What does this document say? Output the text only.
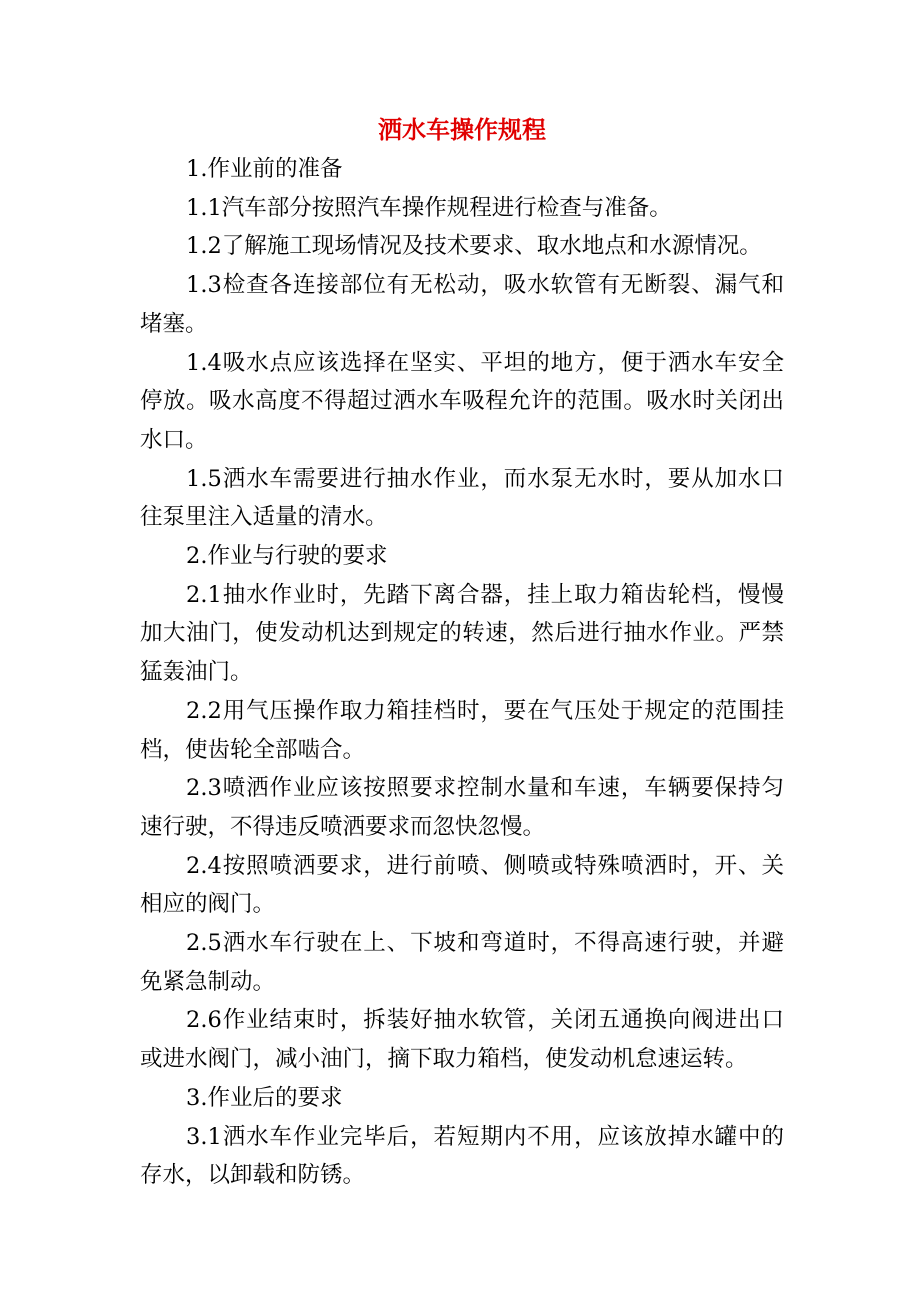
洒水车操作规程

1.作业前的准备

1.1汽车部分按照汽车操作规程进行检查与准备。

1.2了解施工现场情况及技术要求、取水地点和水源情况。

1.3检查各连接部位有无松动，吸水软管有无断裂、漏气和堵塞。

1.4吸水点应该选择在坚实、平坦的地方，便于洒水车安全停放。吸水高度不得超过洒水车吸程允许的范围。吸水时关闭出水口。

1.5洒水车需要进行抽水作业，而水泵无水时，要从加水口往泵里注入适量的清水。

2.作业与行驶的要求

2.1抽水作业时，先踏下离合器，挂上取力箱齿轮档，慢慢加大油门，使发动机达到规定的转速，然后进行抽水作业。严禁猛轰油门。

2.2用气压操作取力箱挂档时，要在气压处于规定的范围挂档，使齿轮全部啮合。

2.3喷洒作业应该按照要求控制水量和车速，车辆要保持匀速行驶，不得违反喷洒要求而忽快忽慢。

2.4按照喷洒要求，进行前喷、侧喷或特殊喷洒时，开、关相应的阀门。

2.5洒水车行驶在上、下坡和弯道时，不得高速行驶，并避免紧急制动。

2.6作业结束时，拆装好抽水软管，关闭五通换向阀进出口或进水阀门，减小油门，摘下取力箱档，使发动机怠速运转。

3.作业后的要求

3.1洒水车作业完毕后，若短期内不用，应该放掉水罐中的存水，以卸载和防锈。
